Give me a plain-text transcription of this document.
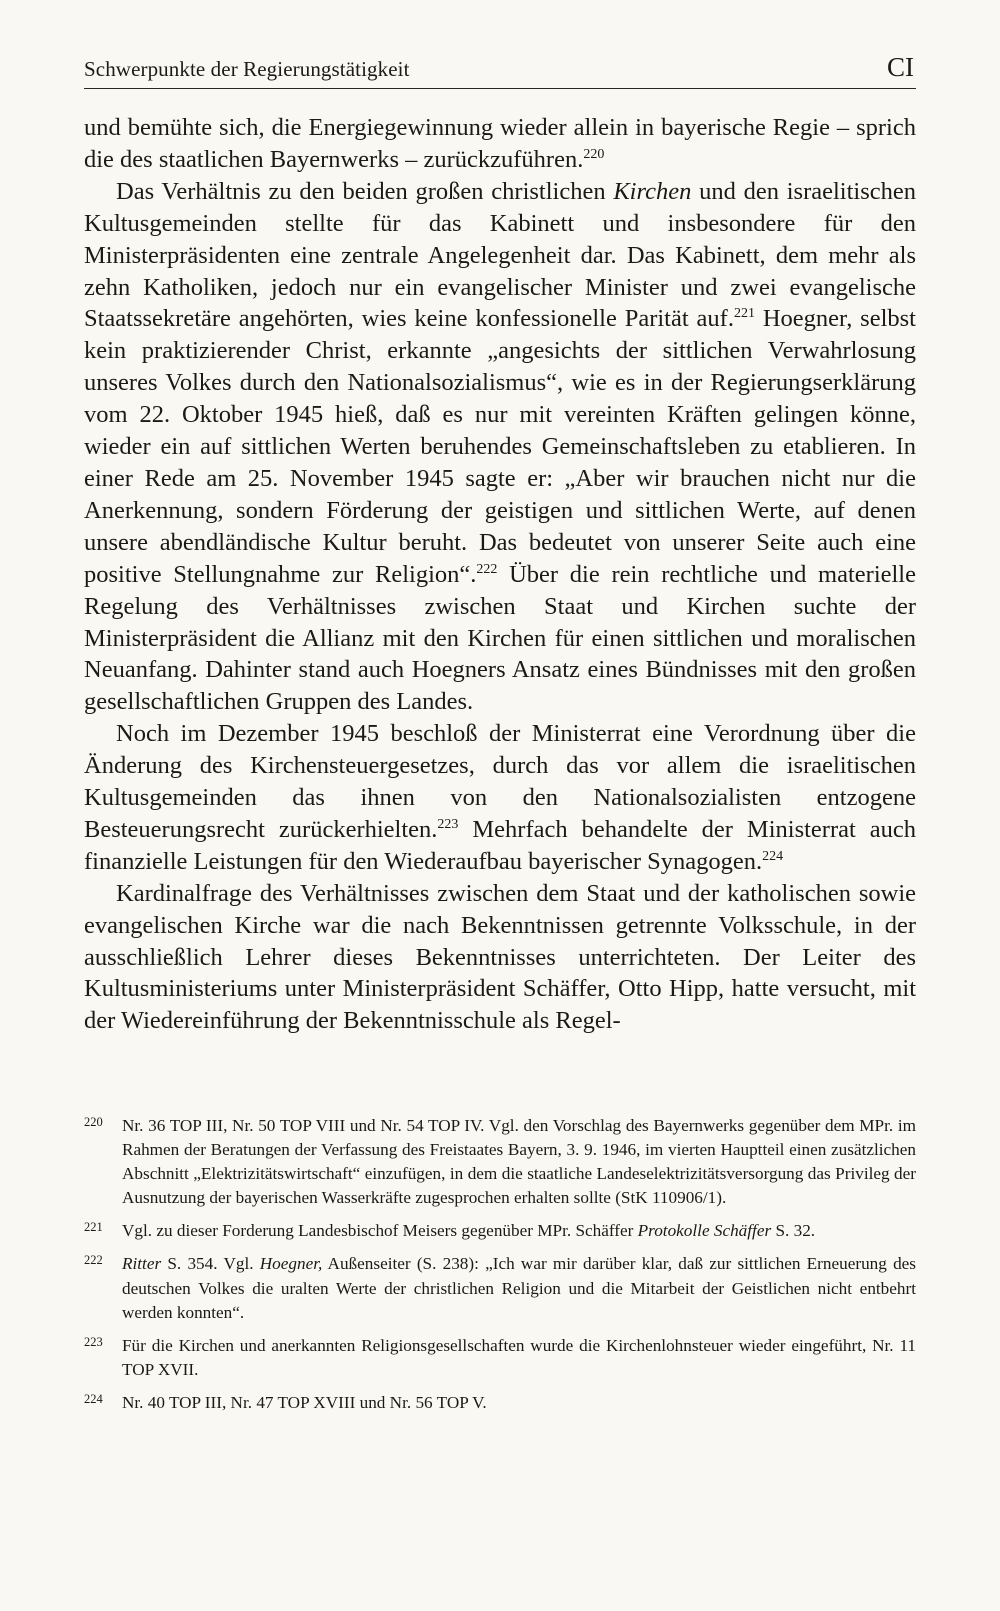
Schwerpunkte der Regierungstätigkeit	CI

und bemühte sich, die Energiegewinnung wieder allein in bayerische Regie – sprich die des staatlichen Bayernwerks – zurückzuführen.$^{220}$

Das Verhältnis zu den beiden großen christlichen Kirchen und den israelitischen Kultusgemeinden stellte für das Kabinett und insbesondere für den Ministerpräsidenten eine zentrale Angelegenheit dar. Das Kabinett, dem mehr als zehn Katholiken, jedoch nur ein evangelischer Minister und zwei evangelische Staatssekretäre angehörten, wies keine konfessionelle Parität auf.$^{221}$ Hoegner, selbst kein praktizierender Christ, erkannte „angesichts der sittlichen Verwahrlosung unseres Volkes durch den Nationalsozialismus“, wie es in der Regierungserklärung vom 22. Oktober 1945 hieß, daß es nur mit vereinten Kräften gelingen könne, wieder ein auf sittlichen Werten beruhendes Gemeinschaftsleben zu etablieren. In einer Rede am 25. November 1945 sagte er: „Aber wir brauchen nicht nur die Anerkennung, sondern Förderung der geistigen und sittlichen Werte, auf denen unsere abendländische Kultur beruht. Das bedeutet von unserer Seite auch eine positive Stellungnahme zur Religion“.$^{222}$ Über die rein rechtliche und materielle Regelung des Verhältnisses zwischen Staat und Kirchen suchte der Ministerpräsident die Allianz mit den Kirchen für einen sittlichen und moralischen Neuanfang. Dahinter stand auch Hoegners Ansatz eines Bündnisses mit den großen gesellschaftlichen Gruppen des Landes.

Noch im Dezember 1945 beschloß der Ministerrat eine Verordnung über die Änderung des Kirchensteuergesetzes, durch das vor allem die israelitischen Kultusgemeinden das ihnen von den Nationalsozialisten entzogene Besteuerungsrecht zurückerhielten.$^{223}$ Mehrfach behandelte der Ministerrat auch finanzielle Leistungen für den Wiederaufbau bayerischer Synagogen.$^{224}$

Kardinalfrage des Verhältnisses zwischen dem Staat und der katholischen sowie evangelischen Kirche war die nach Bekenntnissen getrennte Volksschule, in der ausschließlich Lehrer dieses Bekenntnisses unterrichteten. Der Leiter des Kultusministeriums unter Ministerpräsident Schäffer, Otto Hipp, hatte versucht, mit der Wiedereinführung der Bekenntnisschule als Regel-

220 Nr. 36 TOP III, Nr. 50 TOP VIII und Nr. 54 TOP IV. Vgl. den Vorschlag des Bayernwerks gegenüber dem MPr. im Rahmen der Beratungen der Verfassung des Freistaates Bayern, 3. 9. 1946, im vierten Hauptteil einen zusätzlichen Abschnitt „Elektrizitätswirtschaft“ einzufügen, in dem die staatliche Landeselektrizitätsversorgung das Privileg der Ausnutzung der bayerischen Wasserkräfte zugesprochen erhalten sollte (StK 110906/1).
221 Vgl. zu dieser Forderung Landesbischof Meisers gegenüber MPr. Schäffer Protokolle Schäffer S. 32.
222 Ritter S. 354. Vgl. Hoegner, Außenseiter (S. 238): „Ich war mir darüber klar, daß zur sittlichen Erneuerung des deutschen Volkes die uralten Werte der christlichen Religion und die Mitarbeit der Geistlichen nicht entbehrt werden konnten“.
223 Für die Kirchen und anerkannten Religionsgesellschaften wurde die Kirchenlohnsteuer wieder eingeführt, Nr. 11 TOP XVII.
224 Nr. 40 TOP III, Nr. 47 TOP XVIII und Nr. 56 TOP V.
